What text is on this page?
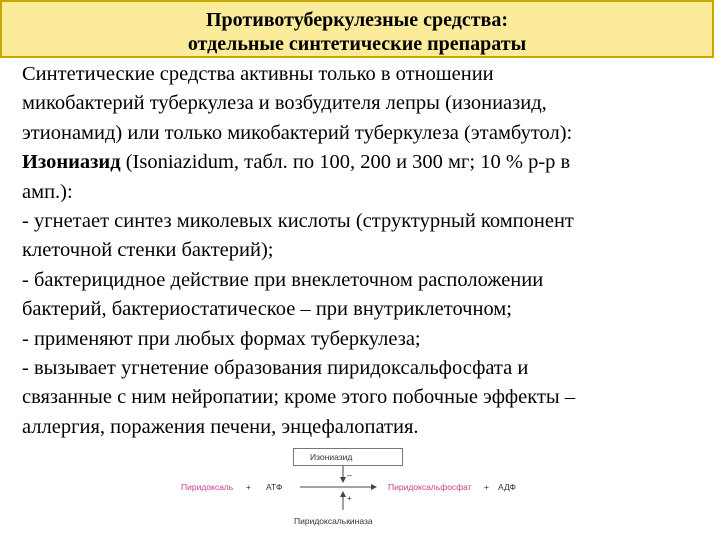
Противотуберкулезные средства:
отдельные синтетические препараты

Синтетические средства активны только в отношении

микобактерий туберкулеза и возбудителя лепры (изониазид,

этионамид) или только микобактерий туберкулеза (этамбутол):

Изониазид (Isoniazidum, табл. по 100, 200 и 300 мг; 10 % р-р в

амп.):

- угнетает синтез миколевых кислоты (структурный компонент

клеточной стенки бактерий);

- бактерицидное действие при внеклеточном расположении

бактерий, бактериостатическое – при внутриклеточном;

- применяют при любых формах туберкулеза;

- вызывает угнетение образования пиридоксальфосфата и

связанные с ним нейропатии; кроме этого побочные эффекты –

аллергия, поражения печени, энцефалопатия.

Изониазид
Пиридоксаль + АТФ
–
+
Пиридоксальфосфат + АДФ
Пиридоксалькиназа
